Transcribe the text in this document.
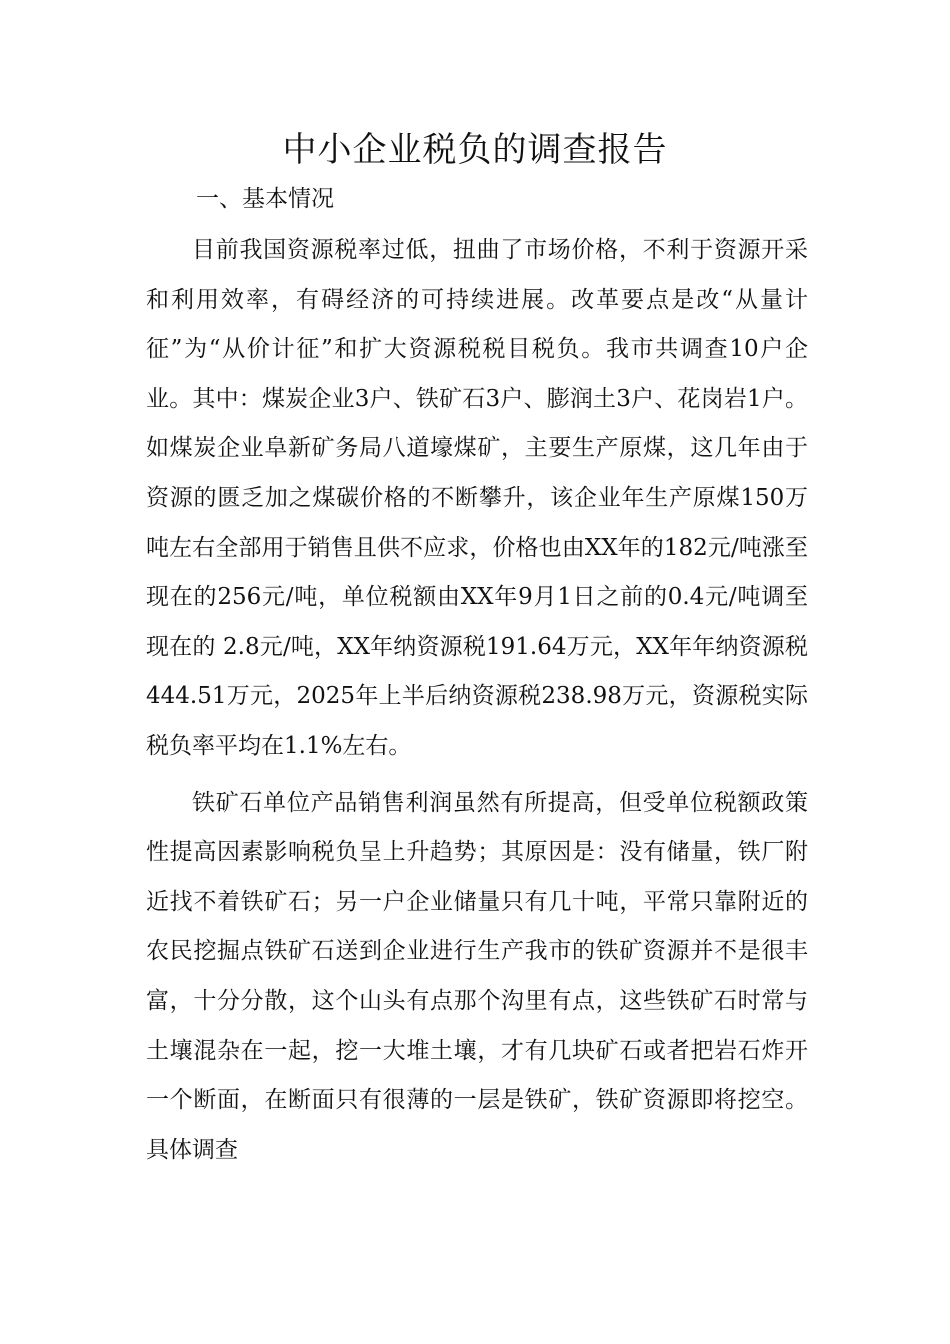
中小企业税负的调查报告
一、基本情况

目前我国资源税率过低，扭曲了市场价格，不利于资源开采和利用效率，有碍经济的可持续进展。改革要点是改“从量计征”为“从价计征”和扩大资源税税目税负。我市共调查10户企业。其中：煤炭企业3户、铁矿石3户、膨润土3户、花岗岩1户。如煤炭企业阜新矿务局八道壕煤矿，主要生产原煤，这几年由于资源的匮乏加之煤碳价格的不断攀升，该企业年生产原煤150万吨左右全部用于销售且供不应求，价格也由XX年的182元/吨涨至现在的256元/吨，单位税额由XX年9月1日之前的0.4元/吨调至现在的 2.8元/吨，XX年纳资源税191.64万元，XX年年纳资源税444.51万元，2025年上半后纳资源税238.98万元，资源税实际税负率平均在1.1%左右。

铁矿石单位产品销售利润虽然有所提高，但受单位税额政策性提高因素影响税负呈上升趋势；其原因是：没有储量，铁厂附近找不着铁矿石；另一户企业储量只有几十吨，平常只靠附近的农民挖掘点铁矿石送到企业进行生产我市的铁矿资源并不是很丰富，十分分散，这个山头有点那个沟里有点，这些铁矿石时常与土壤混杂在一起，挖一大堆土壤，才有几块矿石或者把岩石炸开一个断面，在断面只有很薄的一层是铁矿，铁矿资源即将挖空。具体调查
